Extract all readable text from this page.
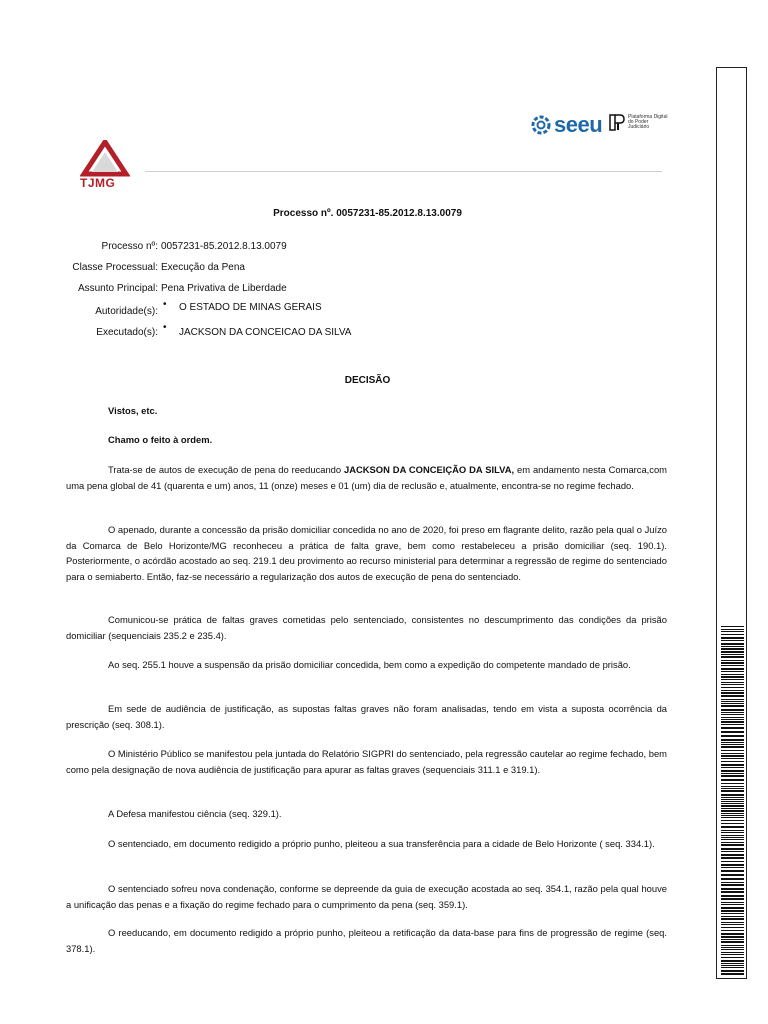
seeu	Plataforma Digital do Poder Judiciário
TJMG
Processo nº. 0057231-85.2012.8.13.0079
Processo nº: 0057231-85.2012.8.13.0079
Classe Processual: Execução da Pena
Assunto Principal: Pena Privativa de Liberdade
Autoridade(s):
• O ESTADO DE MINAS GERAIS
Executado(s): • JACKSON DA CONCEICAO DA SILVA
DECISÃO
Vistos, etc.
Chamo o feito à ordem.
Trata-se de autos de execução de pena do reeducando JACKSON DA CONCEIÇÃO DA SILVA, em andamento nesta Comarca,com uma pena global de 41 (quarenta e um) anos, 11 (onze) meses e 01 (um) dia de reclusão e, atualmente, encontra-se no regime fechado.
O apenado, durante a concessão da prisão domiciliar concedida no ano de 2020, foi preso em flagrante delito, razão pela qual o Juízo da Comarca de Belo Horizonte/MG reconheceu a prática de falta grave, bem como restabeleceu a prisão domiciliar (seq. 190.1). Posteriormente, o acórdão acostado ao seq. 219.1 deu provimento ao recurso ministerial para determinar a regressão de regime do sentenciado para o semiaberto. Então, faz-se necessário a regularização dos autos de execução de pena do sentenciado.
Comunicou-se prática de faltas graves cometidas pelo sentenciado, consistentes no descumprimento das condições da prisão domiciliar (sequenciais 235.2 e 235.4).
Ao seq. 255.1 houve a suspensão da prisão domiciliar concedida, bem como a expedição do competente mandado de prisão.
Em sede de audiência de justificação, as supostas faltas graves não foram analisadas, tendo em vista a suposta ocorrência da prescrição (seq. 308.1).
O Ministério Público se manifestou pela juntada do Relatório SIGPRI do sentenciado, pela regressão cautelar ao regime fechado, bem como pela designação de nova audiência de justificação para apurar as faltas graves (sequenciais 311.1 e 319.1).
A Defesa manifestou ciência (seq. 329.1).
O sentenciado, em documento redigido a próprio punho, pleiteou a sua transferência para a cidade de Belo Horizonte ( seq. 334.1).
O sentenciado sofreu nova condenação, conforme se depreende da guia de execução acostada ao seq. 354.1, razão pela qual houve a unificação das penas e a fixação do regime fechado para o cumprimento da pena (seq. 359.1).
O reeducando, em documento redigido a próprio punho, pleiteou a retificação da data-base para fins de progressão de regime (seq. 378.1).
